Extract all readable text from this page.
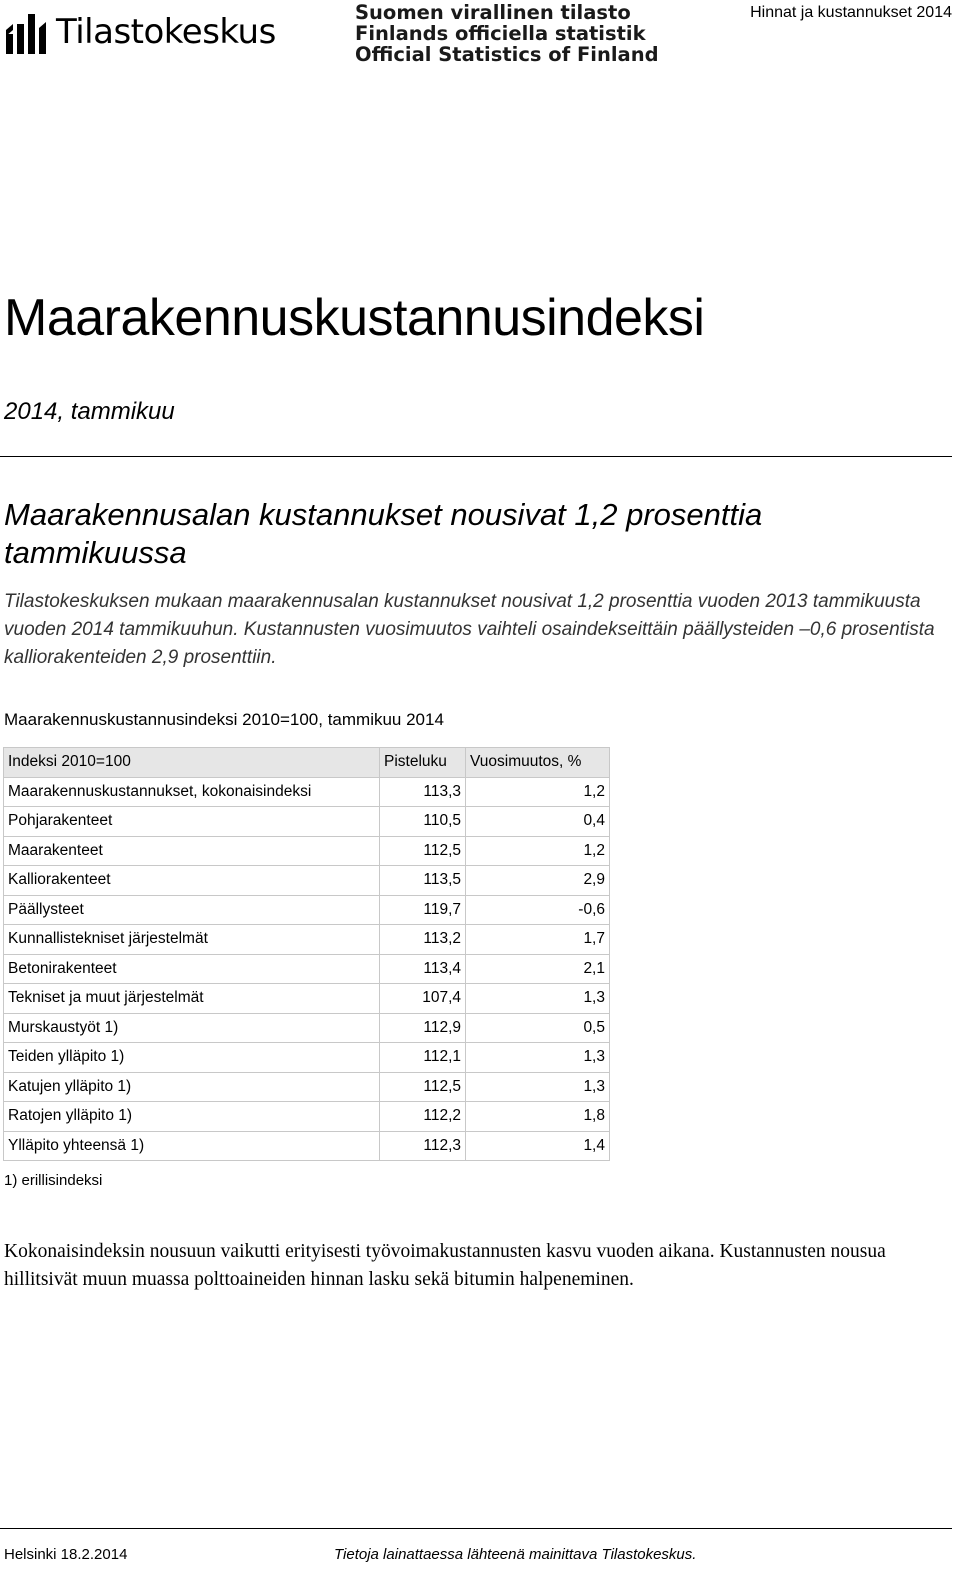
Tilastokeskus	Suomen virallinen tilasto
Finlands officiella statistik
Official Statistics of Finland
Hinnat ja kustannukset 2014
Maarakennuskustannusindeksi
2014, tammikuu
Maarakennusalan kustannukset nousivat 1,2 prosenttia tammikuussa
Tilastokeskuksen mukaan maarakennusalan kustannukset nousivat 1,2 prosenttia vuoden 2013 tammikuusta vuoden 2014 tammikuuhun. Kustannusten vuosimuutos vaihteli osaindekseittäin päällysteiden –0,6 prosentista kalliorakenteiden 2,9 prosenttiin.
Maarakennuskustannusindeksi 2010=100, tammikuu 2014
Indeksi 2010=100	Pisteluku	Vuosimuutos, %
Maarakennuskustannukset, kokonaisindeksi	113,3	1,2
Pohjarakenteet	110,5	0,4
Maarakenteet	112,5	1,2
Kalliorakenteet	113,5	2,9
Päällysteet	119,7	-0,6
Kunnallistekniset järjestelmät	113,2	1,7
Betonirakenteet	113,4	2,1
Tekniset ja muut järjestelmät	107,4	1,3
Murskaustyöt 1)	112,9	0,5
Teiden ylläpito 1)	112,1	1,3
Katujen ylläpito 1)	112,5	1,3
Ratojen ylläpito 1)	112,2	1,8
Ylläpito yhteensä 1)	112,3	1,4
1) erillisindeksi
Kokonaisindeksin nousuun vaikutti erityisesti työvoimakustannusten kasvu vuoden aikana. Kustannusten nousua hillitsivät muun muassa polttoaineiden hinnan lasku sekä bitumin halpeneminen.
Helsinki 18.2.2014	Tietoja lainattaessa lähteenä mainittava Tilastokeskus.
